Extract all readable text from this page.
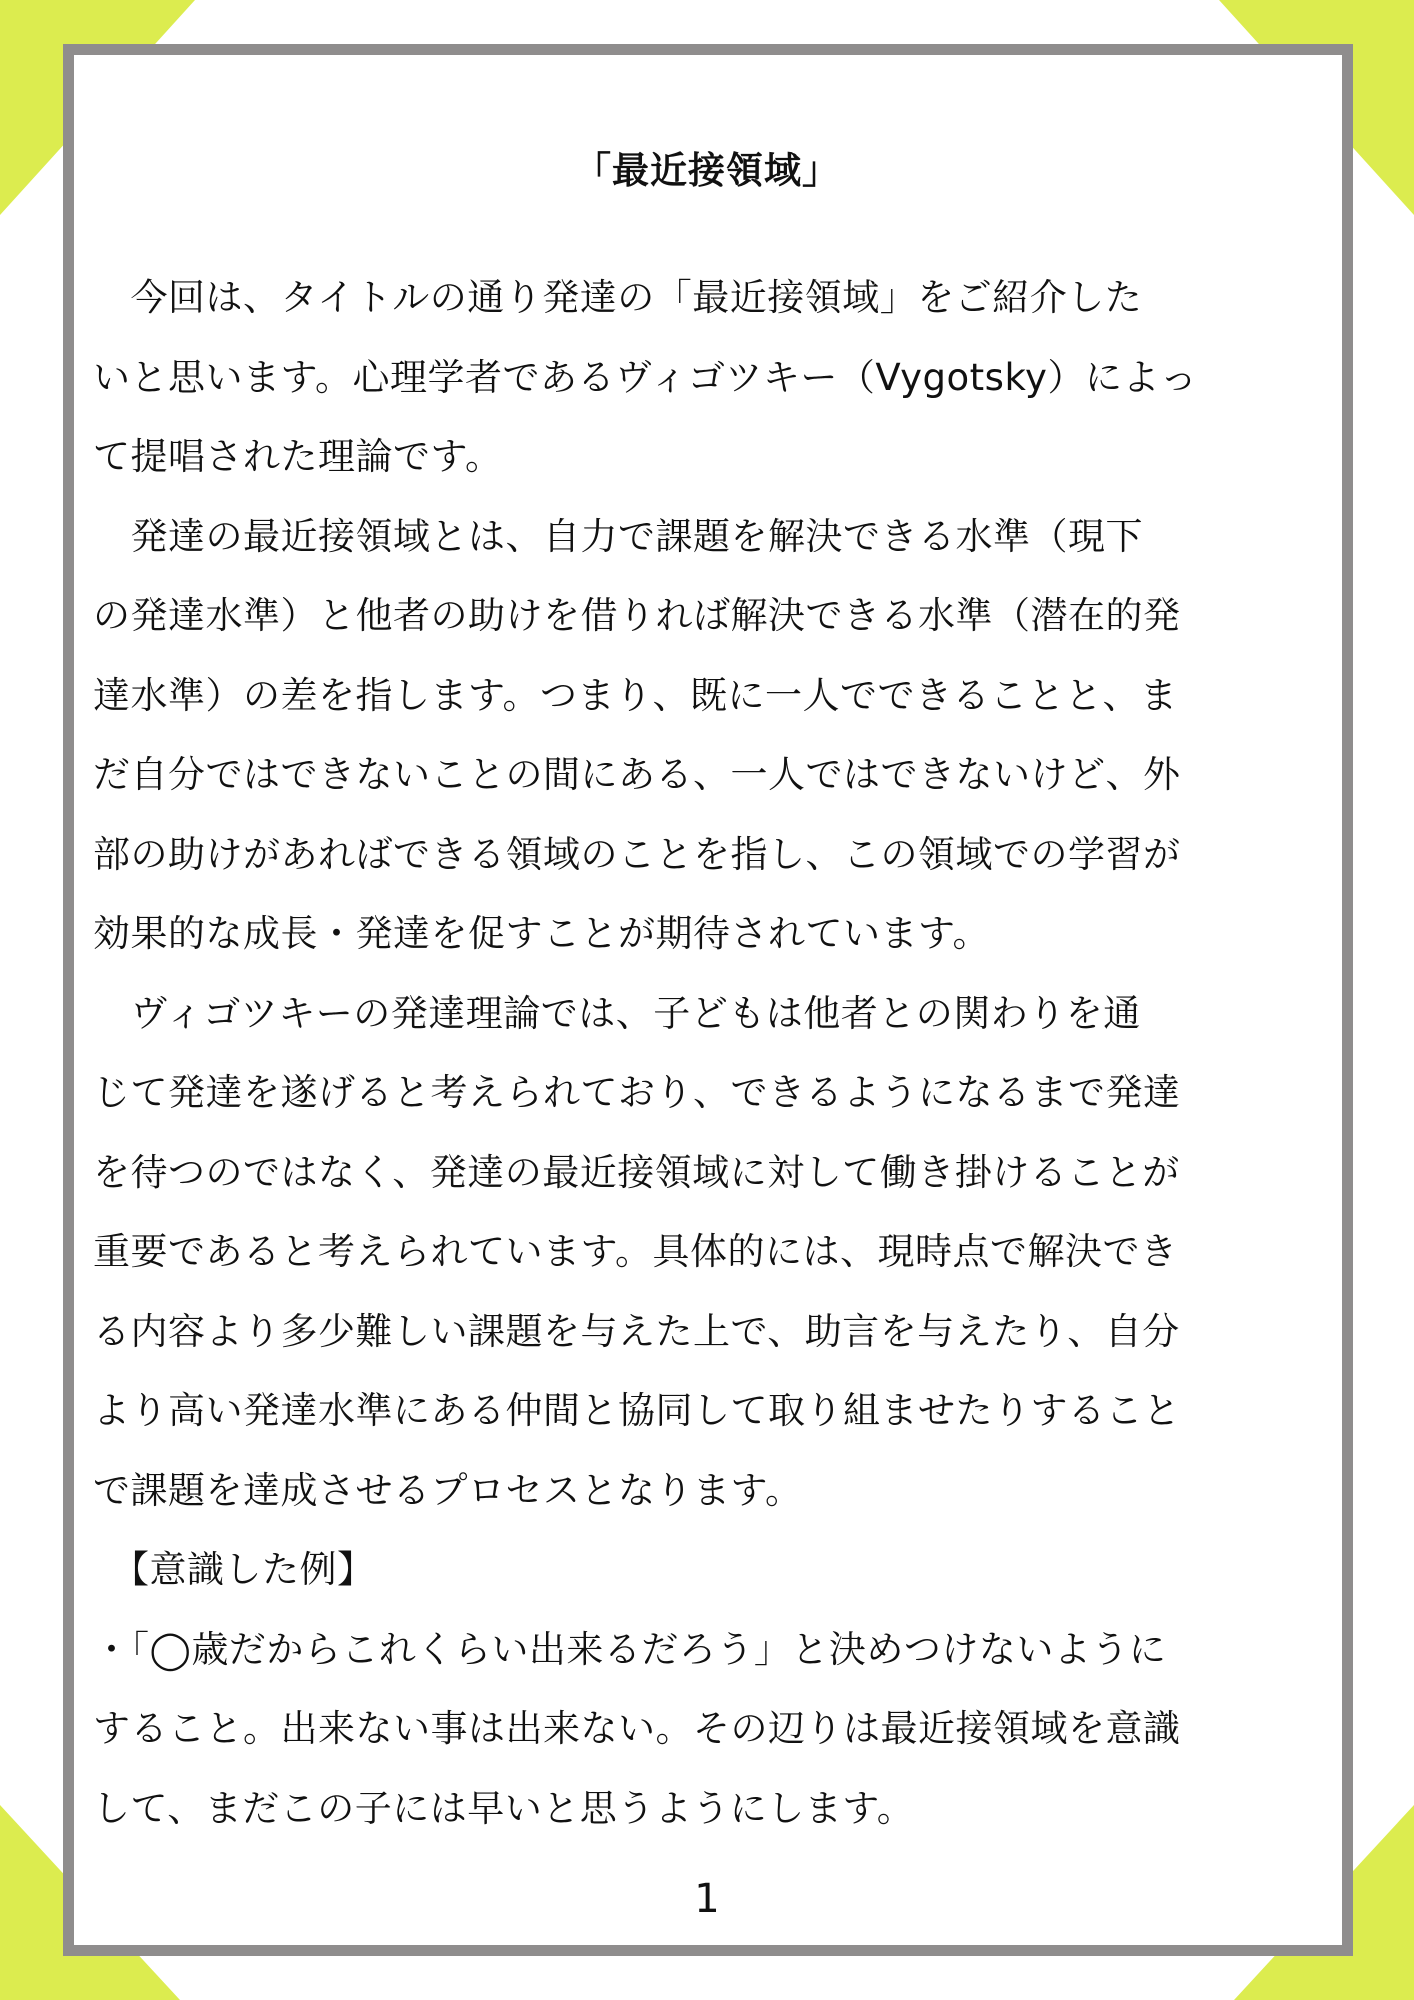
「最近接領域」

　今回は、タイトルの通り発達の「最近接領域」をご紹介した
いと思います。心理学者であるヴィゴツキー（Vygotsky）によっ
て提唱された理論です。

　発達の最近接領域とは、自力で課題を解決できる水準（現下
の発達水準）と他者の助けを借りれば解決できる水準（潜在的発
達水準）の差を指します。つまり、既に一人でできることと、ま
だ自分ではできないことの間にある、一人ではできないけど、外
部の助けがあればできる領域のことを指し、この領域での学習が
効果的な成長・発達を促すことが期待されています。

　ヴィゴツキーの発達理論では、子どもは他者との関わりを通
じて発達を遂げると考えられており、できるようになるまで発達
を待つのではなく、発達の最近接領域に対して働き掛けることが
重要であると考えられています。具体的には、現時点で解決でき
る内容より多少難しい課題を与えた上で、助言を与えたり、自分
より高い発達水準にある仲間と協同して取り組ませたりすること
で課題を達成させるプロセスとなります。

　【意識した例】

・「◯歳だからこれくらい出来るだろう」と決めつけないように
すること。出来ない事は出来ない。その辺りは最近接領域を意識
して、まだこの子には早いと思うようにします。

1
